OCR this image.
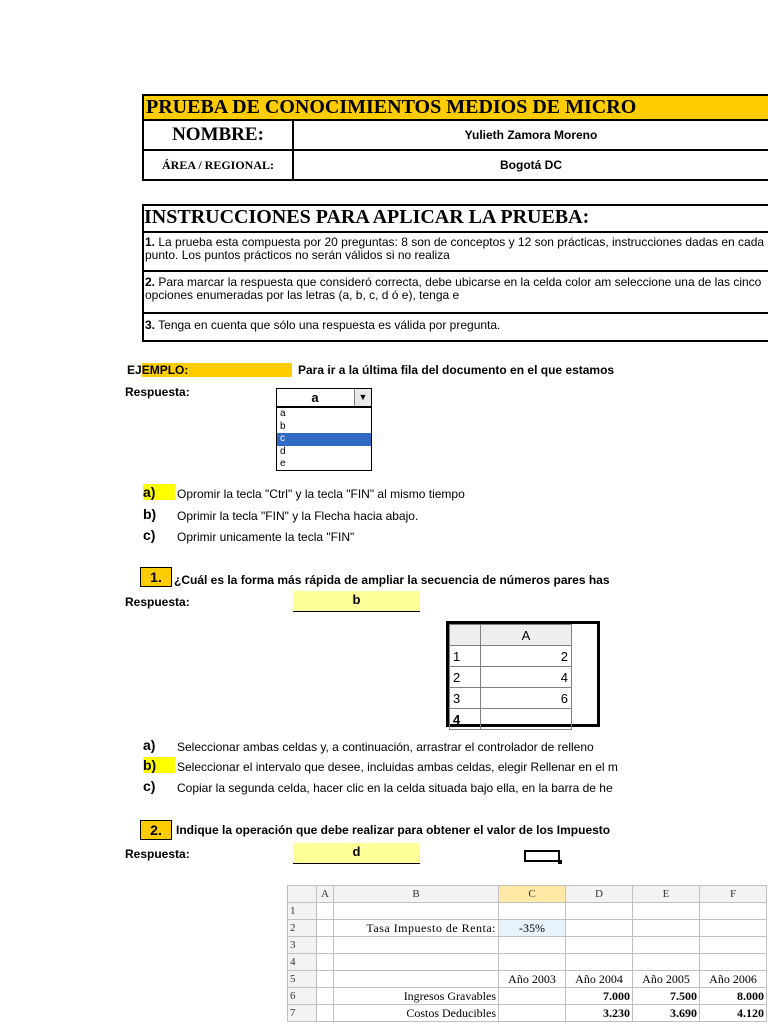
PRUEBA DE CONOCIMIENTOS MEDIOS DE MICRO
NOMBRE:	Yulieth Zamora Moreno
ÁREA / REGIONAL:	Bogotá DC
INSTRUCCIONES PARA APLICAR LA PRUEBA:
1. La prueba esta compuesta por 20 preguntas: 8 son de conceptos y 12 son prácticas, instrucciones dadas en cada punto. Los puntos prácticos no serán válidos si no realiza
2. Para marcar la respuesta que consideró correcta, debe ubicarse en la celda color am seleccione una de las cinco opciones enumeradas por las letras (a, b, c, d ó e), tenga e
3. Tenga en cuenta que sólo una respuesta es válida por pregunta.
EJEMPLO:	Para ir a la última fila del documento en el que estamos
Respuesta:	a	▼
a
b
c
d
e
a)	Opromir la tecla "Ctrl" y la tecla "FIN" al mismo tiempo
b) Oprimir la tecla "FIN" y la Flecha hacia abajo.
c) Oprimir unicamente la tecla "FIN"
1.	¿Cuál es la forma más rápida de ampliar la secuencia de números pares has
Respuesta:	b
	A
1	2
2	4
3	6
4	
a) Seleccionar ambas celdas y, a continuación, arrastrar el controlador de relleno
b)	Seleccionar el intervalo que desee, incluidas ambas celdas, elegir Rellenar en el m
c) Copiar la segunda celda, hacer clic en la celda situada bajo ella, en la barra de he
2.	Indique la operación que debe realizar para obtener el valor de los Impuesto
Respuesta:	d
	A	B	C	D	E	F
1						
2		Tasa Impuesto de Renta:	-35%			
3						
4						
5			Año 2003	Año 2004	Año 2005	Año 2006
6		Ingresos Gravables		7.000	7.500	8.000
7		Costos Deducibles		3.230	3.690	4.120
